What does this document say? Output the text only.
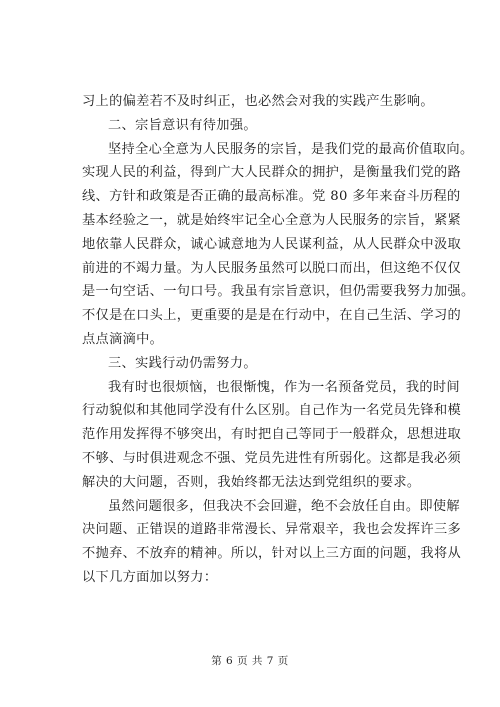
习上的偏差若不及时纠正，也必然会对我的实践产生影响。
二、宗旨意识有待加强。
坚持全心全意为人民服务的宗旨，是我们党的最高价值取向。
实现人民的利益，得到广大人民群众的拥护，是衡量我们党的路
线、方针和政策是否正确的最高标准。党 80 多年来奋斗历程的
基本经验之一，就是始终牢记全心全意为人民服务的宗旨，紧紧
地依靠人民群众，诚心诚意地为人民谋利益，从人民群众中汲取
前进的不竭力量。为人民服务虽然可以脱口而出，但这绝不仅仅
是一句空话、一句口号。我虽有宗旨意识，但仍需要我努力加强。
不仅是在口头上，更重要的是是在行动中，在自己生活、学习的
点点滴滴中。
三、实践行动仍需努力。
我有时也很烦恼，也很惭愧，作为一名预备党员，我的时间
行动貌似和其他同学没有什么区别。自己作为一名党员先锋和模
范作用发挥得不够突出，有时把自己等同于一般群众，思想进取
不够、与时俱进观念不强、党员先进性有所弱化。这都是我必须
解决的大问题，否则，我始终都无法达到党组织的要求。
虽然问题很多，但我决不会回避，绝不会放任自由。即使解
决问题、正错误的道路非常漫长、异常艰辛，我也会发挥许三多
不抛弃、不放弃的精神。所以，针对以上三方面的问题，我将从
以下几方面加以努力：
第 6 页 共 7 页
